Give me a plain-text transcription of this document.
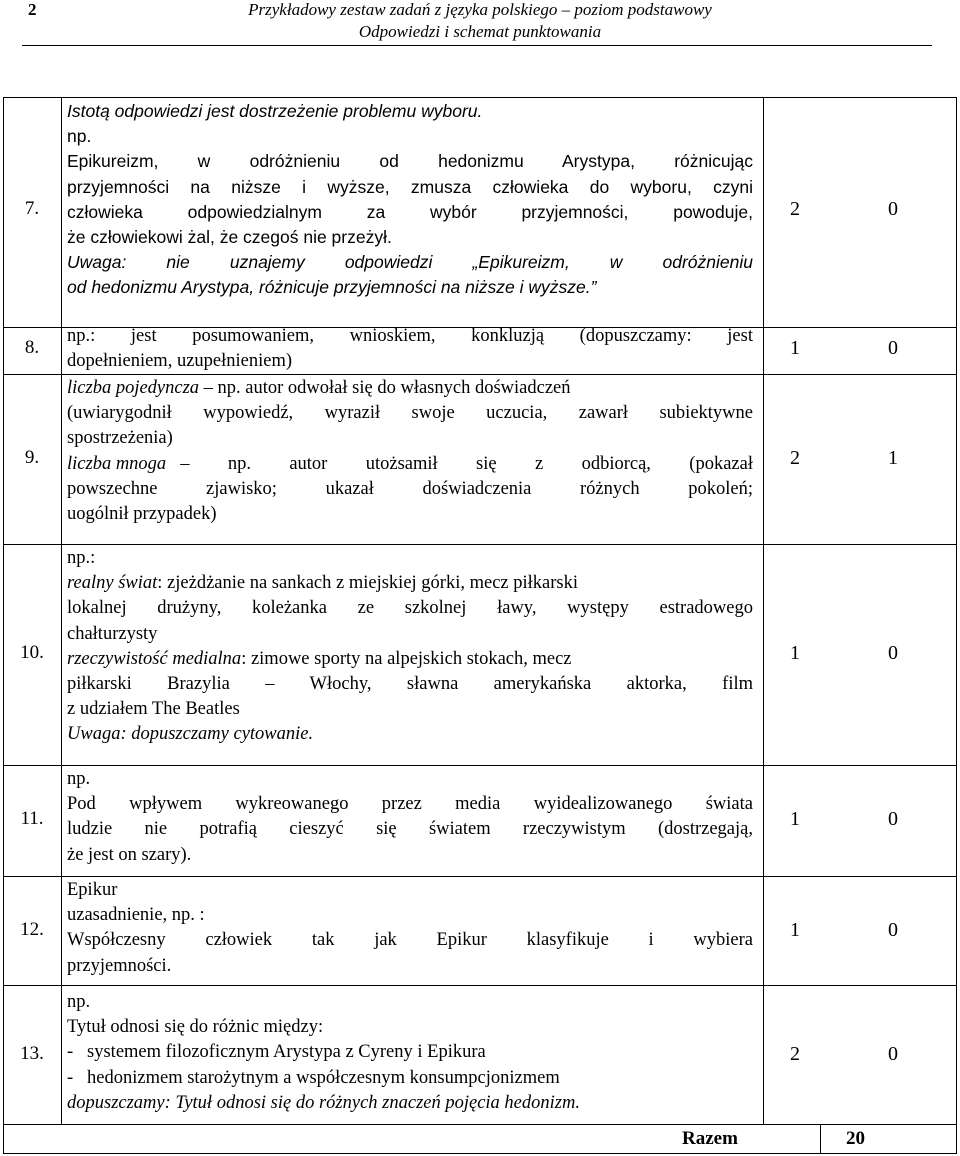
2	Przykładowy zestaw zadań z języka polskiego – poziom podstawowy
Odpowiedzi i schemat punktowania
7.
Istotą odpowiedzi jest dostrzeżenie problemu wyboru.
np.
Epikureizm, w odróżnieniu od hedonizmu Arystypa, różnicując
przyjemności na niższe i wyższe, zmusza człowieka do wyboru, czyni
człowieka odpowiedzialnym za wybór przyjemności, powoduje,
że człowiekowi żal, że czegoś nie przeżył.
Uwaga: nie uznajemy odpowiedzi „Epikureizm, w odróżnieniu
od hedonizmu Arystypa, różnicuje przyjemności na niższe i wyższe.”
2	0
8.
np.: jest posumowaniem, wnioskiem, konkluzją (dopuszczamy: jest
dopełnieniem, uzupełnieniem)
1	0
9.
liczba pojedyncza – np. autor odwołał się do własnych doświadczeń
(uwiarygodnił wypowiedź, wyraził swoje uczucia, zawarł subiektywne
spostrzeżenia)
liczba mnoga – np. autor utożsamił się z odbiorcą, (pokazał
powszechne zjawisko; ukazał doświadczenia różnych pokoleń;
uogólnił przypadek)
2	1
10.
np.:
realny świat: zjeżdżanie na sankach z miejskiej górki, mecz piłkarski
lokalnej drużyny, koleżanka ze szkolnej ławy, występy estradowego
chałturzysty
rzeczywistość medialna: zimowe sporty na alpejskich stokach, mecz
piłkarski Brazylia – Włochy, sławna amerykańska aktorka, film
z udziałem The Beatles
Uwaga: dopuszczamy cytowanie.
1	0
11.
np.
Pod wpływem wykreowanego przez media wyidealizowanego świata
ludzie nie potrafią cieszyć się światem rzeczywistym (dostrzegają,
że jest on szary).
1	0
12.
Epikur
uzasadnienie, np. :
Współczesny człowiek tak jak Epikur klasyfikuje i wybiera
przyjemności.
1	0
13.
np.
Tytuł odnosi się do różnic między:
-   systemem filozoficznym Arystypa z Cyreny i Epikura
-   hedonizmem starożytnym a współczesnym konsumpcjonizmem
dopuszczamy: Tytuł odnosi się do różnych znaczeń pojęcia hedonizm.
2	0
Razem	20
